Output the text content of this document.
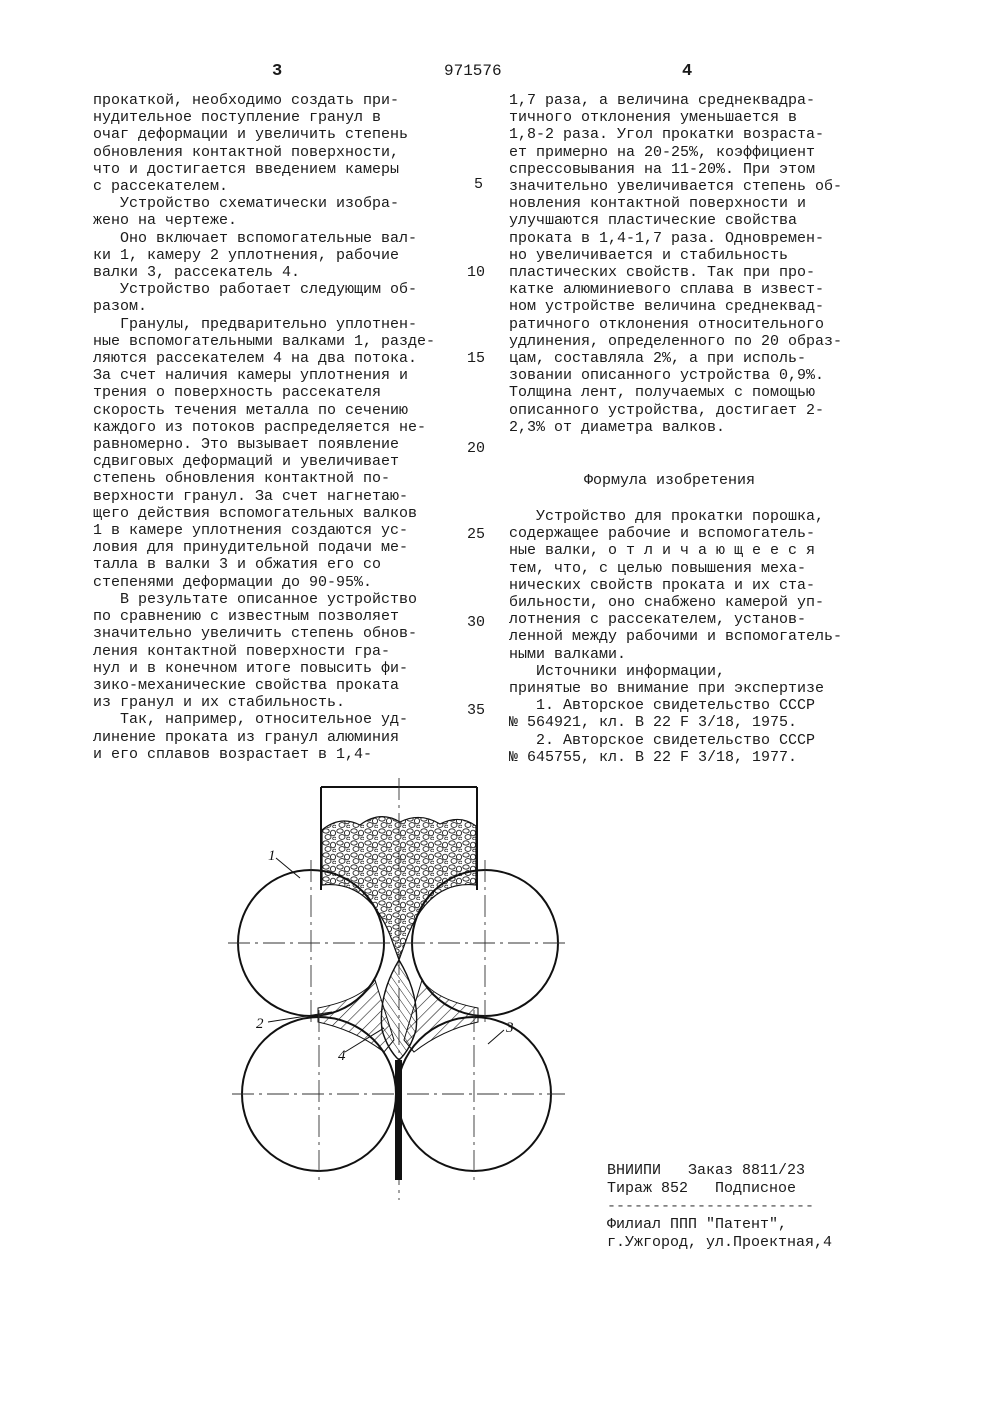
3	971576	4

прокаткой, необходимо создать при-

нудительное поступление гранул в

очаг деформации и увеличить степень

обновления контактной поверхности,

что и достигается введением камеры

с рассекателем.

Устройство схематически изобра-

жено на чертеже.

Оно включает вспомогательные вал-

ки 1, камеру 2 уплотнения, рабочие

валки 3, рассекатель 4.

Устройство работает следующим об-

разом.

Гранулы, предварительно уплотнен-

ные вспомогательными валками 1, разде-

ляются рассекателем 4 на два потока.

За счет наличия камеры уплотнения и

трения о поверхность рассекателя

скорость течения металла по сечению

каждого из потоков распределяется не-

равномерно. Это вызывает появление

сдвиговых деформаций и увеличивает

степень обновления контактной по-

верхности гранул. За счет нагнетаю-

щего действия вспомогательных валков

1 в камере уплотнения создаются ус-

ловия для принудительной подачи ме-

талла в валки 3 и обжатия его со

степенями деформации до 90-95%.

В результате описанное устройство

по сравнению с известным позволяет

значительно увеличить степень обнов-

ления контактной поверхности гра-

нул и в конечном итоге повысить фи-

зико-механические свойства проката

из гранул и их стабильность.

Так, например, относительное уд-

линение проката из гранул алюминия

и его сплавов возрастает в 1,4-

1,7 раза, а величина среднеквадра-

тичного отклонения уменьшается в

1,8-2 раза. Угол прокатки возраста-

ет примерно на 20-25%, коэффициент

спрессовывания на 11-20%. При этом

значительно увеличивается степень об-

новления контактной поверхности и

улучшаются пластические свойства

проката в 1,4-1,7 раза. Одновремен-

но увеличивается и стабильность

пластических свойств. Так при про-

катке алюминиевого сплава в извест-

ном устройстве величина среднеквад-

ратичного отклонения относительного

удлинения, определенного по 20 образ-

цам, составляла 2%, а при исполь-

зовании описанного устройства 0,9%.

Толщина лент, получаемых с помощью

описанного устройства, достигает 2-

2,3% от диаметра валков.

5
10
15
20
25
30
35
Формула изобретения

Устройство для прокатки порошка,

содержащее рабочие и вспомогатель-

ные валки, о т л и ч а ю щ е е с я

тем, что, с целью повышения меха-

нических свойств проката и их ста-

бильности, оно снабжено камерой уп-

лотнения с рассекателем, установ-

ленной между рабочими и вспомогатель-

ными валками.

Источники информации,

принятые во внимание при экспертизе

1. Авторское свидетельство СССР

№ 564921, кл. В 22 F 3/18, 1975.

2. Авторское свидетельство СССР

№ 645755, кл. В 22 F 3/18, 1977.

1
2
4
3
ВНИИПИ   Заказ 8811/23
Тираж 852   Подписное
-----------------------
Филиал ППП "Патент",
г.Ужгород, ул.Проектная,4
